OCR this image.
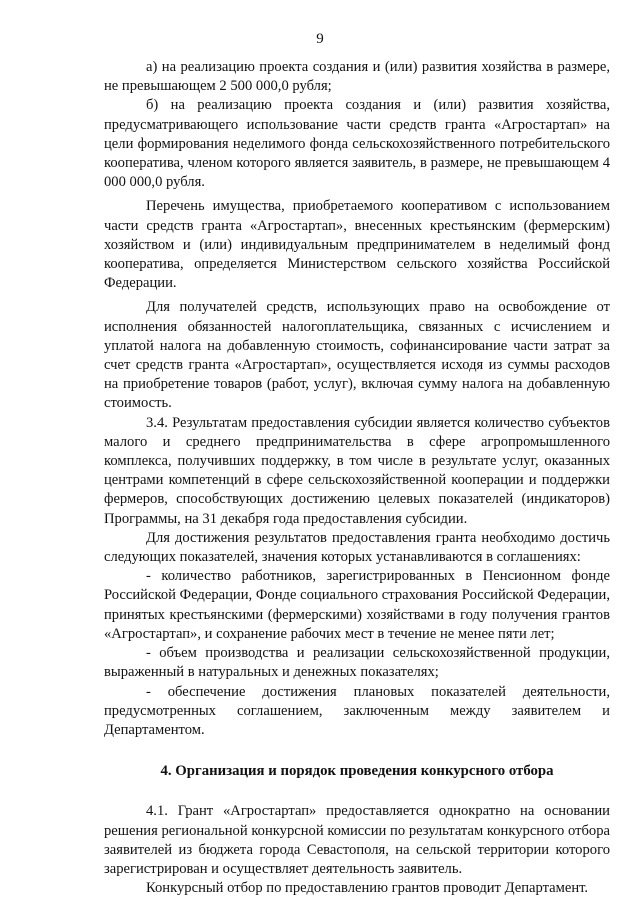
9

а) на реализацию проекта создания и (или) развития хозяйства в размере, не превышающем 2 500 000,0 рубля;

б) на реализацию проекта создания и (или) развития хозяйства, предусматривающего использование части средств гранта «Агростартап» на цели формирования неделимого фонда сельскохозяйственного потребительского кооператива, членом которого является заявитель, в размере, не превышающем 4 000 000,0 рубля.

Перечень имущества, приобретаемого кооперативом с использованием части средств гранта «Агростартап», внесенных крестьянским (фермерским) хозяйством и (или) индивидуальным предпринимателем в неделимый фонд кооператива, определяется Министерством сельского хозяйства Российской Федерации.

Для получателей средств, использующих право на освобождение от исполнения обязанностей налогоплательщика, связанных с исчислением и уплатой налога на добавленную стоимость, софинансирование части затрат за счет средств гранта «Агростартап», осуществляется исходя из суммы расходов на приобретение товаров (работ, услуг), включая сумму налога на добавленную стоимость.

3.4. Результатам предоставления субсидии является количество субъектов малого и среднего предпринимательства в сфере агропромышленного комплекса, получивших поддержку, в том числе в результате услуг, оказанных центрами компетенций в сфере сельскохозяйственной кооперации и поддержки фермеров, способствующих достижению целевых показателей (индикаторов) Программы, на 31 декабря года предоставления субсидии.

Для достижения результатов предоставления гранта необходимо достичь следующих показателей, значения которых устанавливаются в соглашениях:

- количество работников, зарегистрированных в Пенсионном фонде Российской Федерации, Фонде социального страхования Российской Федерации, принятых крестьянскими (фермерскими) хозяйствами в году получения грантов «Агростартап», и сохранение рабочих мест в течение не менее пяти лет;

- объем производства и реализации сельскохозяйственной продукции, выраженный в натуральных и денежных показателях;

- обеспечение достижения плановых показателей деятельности, предусмотренных соглашением, заключенным между заявителем и Департаментом.

4. Организация и порядок проведения конкурсного отбора

4.1. Грант «Агростартап» предоставляется однократно на основании решения региональной конкурсной комиссии по результатам конкурсного отбора заявителей из бюджета города Севастополя, на сельской территории которого зарегистрирован и осуществляет деятельность заявитель.

Конкурсный отбор по предоставлению грантов проводит Департамент.
